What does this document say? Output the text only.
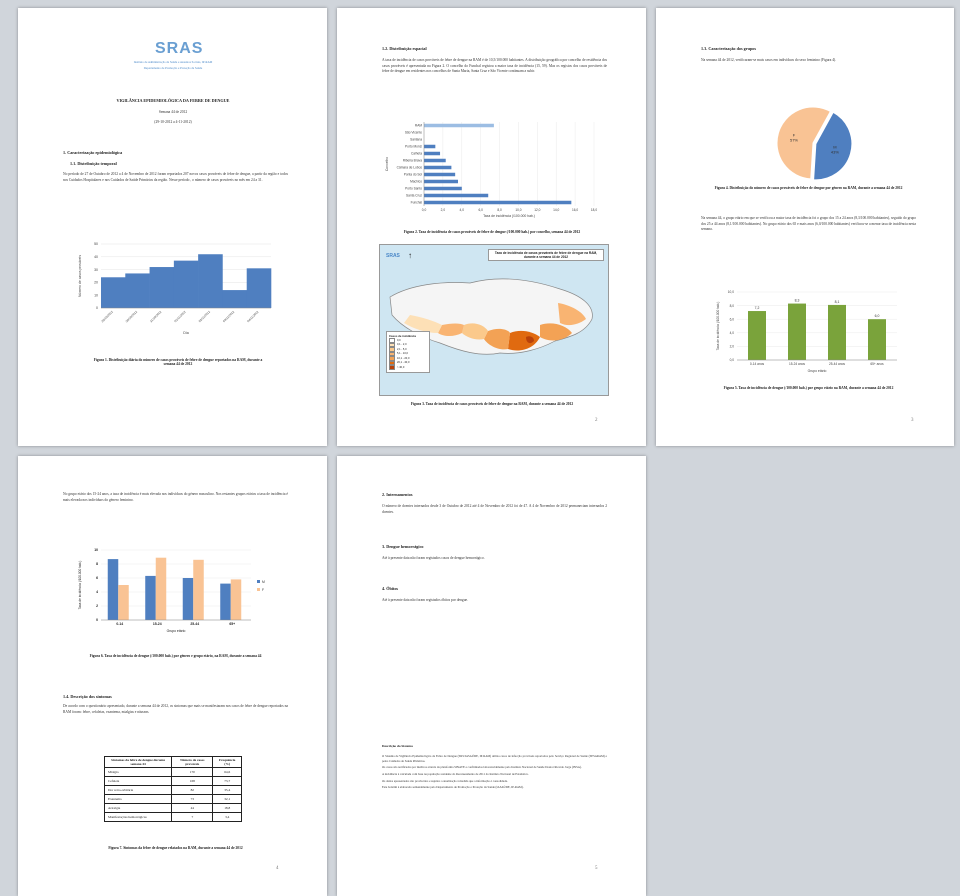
SRAS
Instituto de Administração da Saúde e Assuntos Sociais, IP-RAM
Departamento de Promoção e Proteção da Saúde
VIGILÂNCIA EPIDEMIOLÓGICA DA FEBRE DE DENGUE
Semana 44 de 2012
(29-10-2012 a 4-11-2012)
1. Caracterização epidemiológica
1.1. Distribuição temporal
No período de 27 de Outubro de 2012 a 4 de Novembro de 2012 foram reportados 207 novos casos prováveis de febre de dengue, a partir da região e todos nos Cuidados Hospitalares e nos Cuidados de Saúde Primários da região. Nesse período , o número de casos prováveis no mês em 24 a 31.
0
10
20
30
40
50
29/10/2012	30/10/2012	31/10/2012	01/11/2012	02/11/2012	03/11/2012	04/11/2012
Número de casos prováveis
Dia
Figura 1. Distribuição diária do número de casos prováveis de febre de dengue reportados na RAM, durante a semana 44 de 2012
1.2. Distribuição espacial
A taxa de incidência de casos prováveis de febre de dengue na RAM é de 10,5/100.000 habitantes. A distribuição geográfica por concelho de residência dos casos prováveis é apresentada na Figura 2. O concelho do Funchal registou a maior taxa de incidência (15, 59). Mas os registos dos casos prováveis de febre de dengue em residentes nos concelhos de Santa Maria, Santa Cruz e São Vicente continuam a subir.
0,0	2,0	4,0	6,0	8,0	10,0	12,0	14,0	16,0	18,0
RAM
São Vicente
Santana
Porto Moniz
Calheta
Ribeira Brava
Câmara de Lobos
Ponta do Sol
Machico
Porto Santo
Santa Cruz
Funchal
Taxa de incidência (/100.000 hab.)
Concelho
Figura 2. Taxa de incidência de casos prováveis de febre de dengue (/100.000 hab.) por concelho, semana 44 de 2012
Taxa de incidência de casos prováveis de febre de dengue na RAM, durante a semana 44 de 2012
SRAS ↑
Casos de incidência
0,0
0,1 - 2,0
2,1 - 5,0
5,1 - 10,0
10,1 - 20,0
20,1 - 40,0
> 40,0
Figura 3. Taxa de incidência de casos prováveis de febre de dengue na RAM, durante a semana 44 de 2012
2
1.3. Caracterização dos grupos
Na semana 44 de 2012, verificaram-se mais casos em indivíduos do sexo feminino (Figura 4).
M
43%
F
57%
Figura 4. Distribuição do número de casos prováveis de febre de dengue por género na RAM, durante a semana 44 de 2012
Na semana 44, o grupo etário em que se verificou a maior taxa de incidência foi o grupo dos 15 a 24 anos (8,3/100.000 habitantes), seguido do grupo dos 25 a 44 anos (8,1/100.000 habitantes). No grupo etário dos 65 e mais anos (6,0/100.000 habitantes) verificou-se a menor taxa de incidência nesta semana.
0,0
2,0
4,0
6,0
8,0
10,0
7,2
0-14 anos
8,3
15-24 anos
8,1
25-44 anos
6,0
65+ anos
Taxa de incidência (/100.000 hab.)
Grupo etário
Figura 5. Taxa de incidência de dengue (/100.000 hab.) por grupo etário na RAM, durante a semana 44 de 2012
3
No grupo etário dos 15-24 anos, a taxa de incidência é mais elevada nos indivíduos do género masculino. Nos restantes grupos etários a taxa de incidência é mais elevada nos indivíduos do género feminino.
0
2
4
6
8
10
0-14	15-24	25-44	65+
M
F
Taxa de incidência (/100.000 hab.)
Grupo etário
Figura 6. Taxa de incidência de dengue (/100.000 hab.) por género e grupo etário, na RAM, durante a semana 44
1.4. Descrição dos sintomas
De acordo com o questionário apresentado, durante a semana 44 de 2012, os sintomas que mais se manifestaram nos casos de febre de dengue reportados na RAM foram: febre, cefaleias, exantema, mialgias e náuseas.
Sintomas da febre de dengue durante semana 44	Número de casos prováveis	Frequência (%)
Mialgia	170	64,6
Cefaleia	168	73,7
Dor retro-orbitária	82	35,4
Exantema	73	32,1
Artralgia	44	18,8
Manifestações hemorrágicas	7	3,4
Figura 7. Sintomas da febre de dengue relatados na RAM, durante a semana 44 de 2012
4
2. Internamentos
O número de doentes internados desde 3 de Outubro de 2012 até 4 de Novembro de 2012 foi de 47. A 4 de Novembro de 2012 permaneciam internados 2 doentes.
3. Dengue hemorrágico
Até à presente data não foram registados casos de dengue hemorrágico.
4. Óbitos
Até à presente data não foram registados óbitos por dengue.
Descrição do Sistema
O Sistema de Vigilância Epidemiológica da Febre de Dengue (SRS/IASAÚDE, IP-RAM) utiliza casos de infecção prováveis reportados pelo Serviço Regional de Saúde (SESARAM) e pelos Cuidados de Saúde Primários.
Os casos são notificados por médicos através da plataforma SINAVE e confirmados laboratorialmente pelo Instituto Nacional de Saúde Doutor Ricardo Jorge (INSA).
A incidência é calculada com base na população residente do Recenseamento de 2011 do Instituto Nacional de Estatística.
Os dados apresentados são provisórios e sujeitos a atualização à medida que a informação é consolidada.
Este boletim é elaborado semanalmente pelo Departamento de Promoção e Proteção da Saúde (IASAÚDE, IP-RAM).
5
